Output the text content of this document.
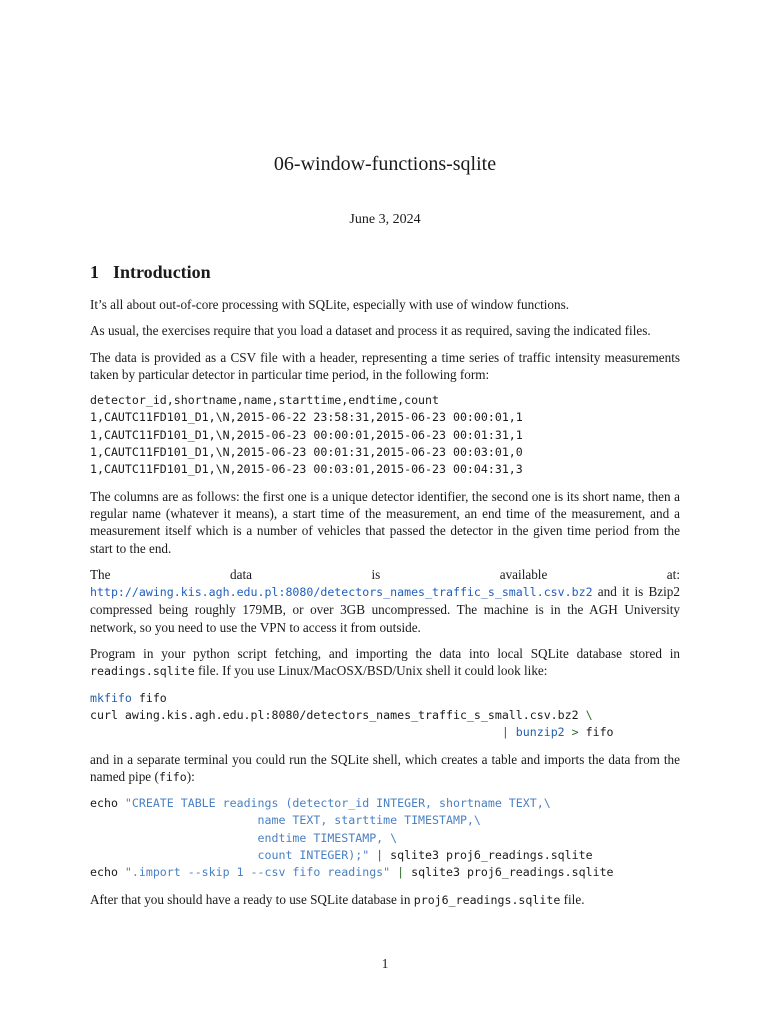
06-window-functions-sqlite
June 3, 2024
1 Introduction

It’s all about out-of-core processing with SQLite, especially with use of window functions.

As usual, the exercises require that you load a dataset and process it as required, saving the indicated files.

The data is provided as a CSV file with a header, representing a time series of traffic intensity measurements taken by particular detector in particular time period, in the following form:

detector_id,shortname,name,starttime,endtime,count
1,CAUTC11FD101_D1,\N,2015-06-22 23:58:31,2015-06-23 00:00:01,1
1,CAUTC11FD101_D1,\N,2015-06-23 00:00:01,2015-06-23 00:01:31,1
1,CAUTC11FD101_D1,\N,2015-06-23 00:01:31,2015-06-23 00:03:01,0
1,CAUTC11FD101_D1,\N,2015-06-23 00:03:01,2015-06-23 00:04:31,3

The columns are as follows: the first one is a unique detector identifier, the second one is its short name, then a regular name (whatever it means), a start time of the measurement, an end time of the measurement, and a measurement itself which is a number of vehicles that passed the detector in the given time period from the start to the end.

The data is available at: http://awing.kis.agh.edu.pl:8080/detectors_names_traffic_s_small.csv.bz2 and it is Bzip2 compressed being roughly 179MB, or over 3GB uncompressed. The machine is in the AGH University network, so you need to use the VPN to access it from outside.

Program in your python script fetching, and importing the data into local SQLite database stored in readings.sqlite file. If you use Linux/MacOSX/BSD/Unix shell it could look like:

mkfifo fifo
curl awing.kis.agh.edu.pl:8080/detectors_names_traffic_s_small.csv.bz2 \
| bunzip2 > fifo

and in a separate terminal you could run the SQLite shell, which creates a table and imports the data from the named pipe (fifo):

echo "CREATE TABLE readings (detector_id INTEGER, shortname TEXT,\
name TEXT, starttime TIMESTAMP,\
endtime TIMESTAMP, \
count INTEGER);" | sqlite3 proj6_readings.sqlite
echo ".import --skip 1 --csv fifo readings" | sqlite3 proj6_readings.sqlite

After that you should have a ready to use SQLite database in proj6_readings.sqlite file.

1
